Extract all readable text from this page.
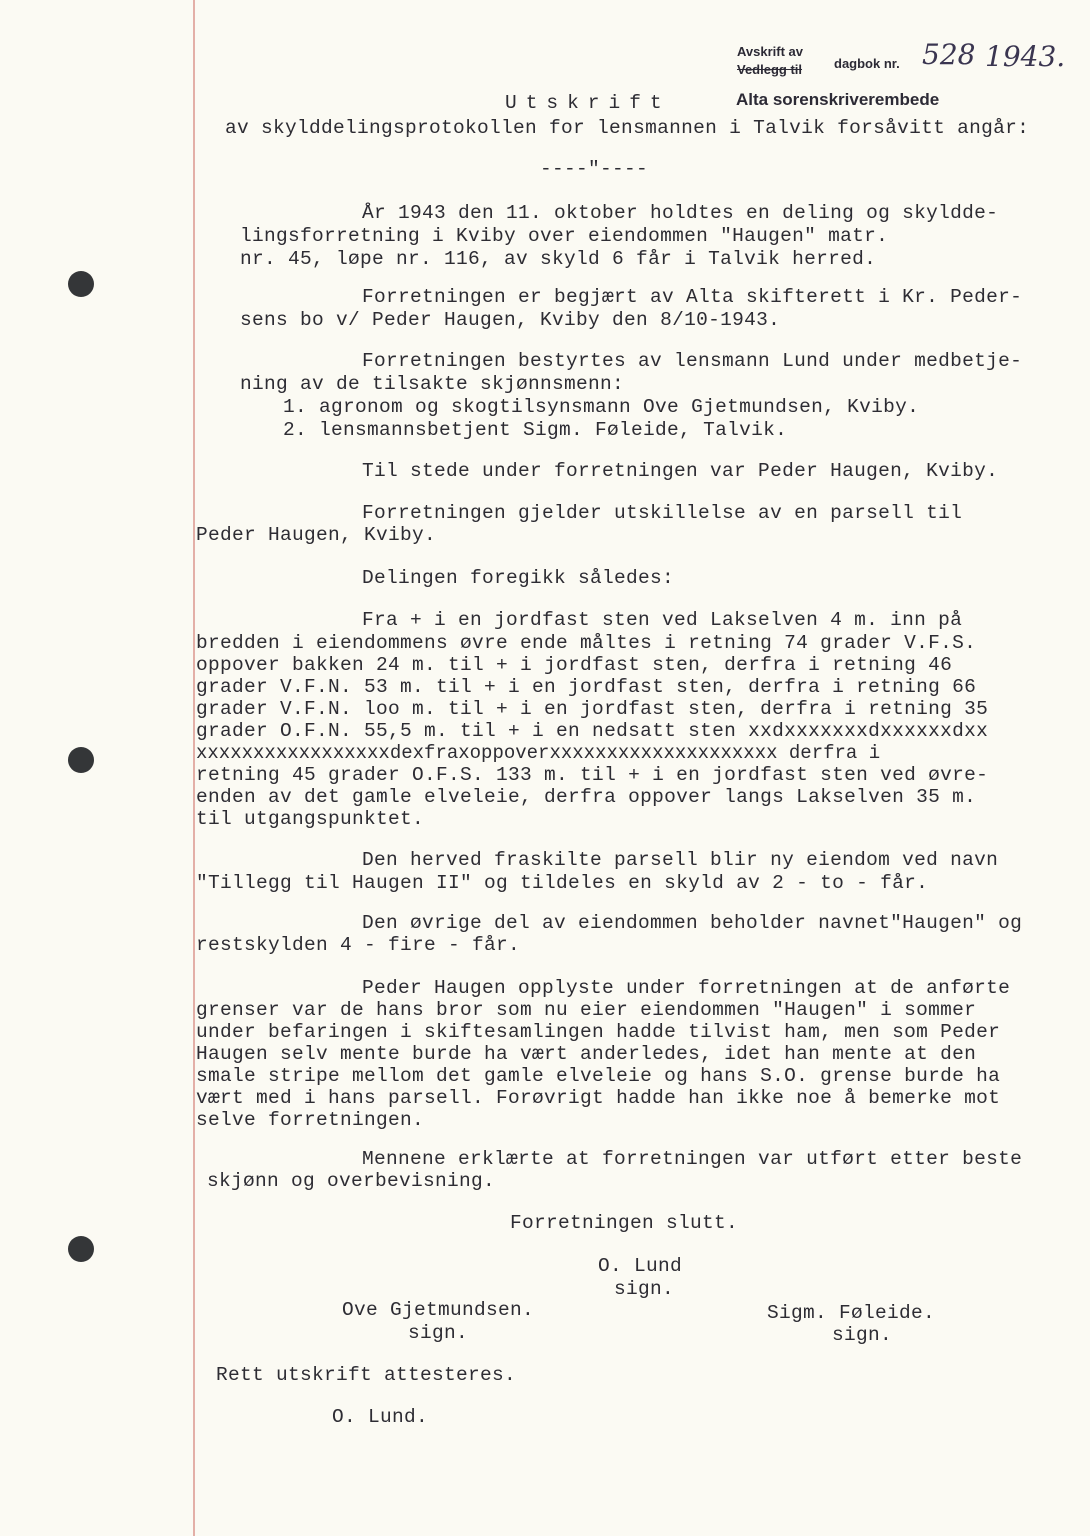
Avskrift av
dagbok nr. 528 1943.
Vedlegg til
Alta sorenskriverembede
Utskrift
av skylddelingsprotokollen for lensmannen i Talvik forsåvitt angår:
----"----
År 1943 den 11. oktober holdtes en deling og skyldde-
lingsforretning i Kviby over eiendommen "Haugen" matr.
nr. 45, løpe nr. 116, av skyld 6 får i Talvik herred.
Forretningen er begjært av Alta skifterett i Kr. Peder-
sens bo v/ Peder Haugen, Kviby den 8/10-1943.
Forretningen bestyrtes av lensmann Lund under medbetje-
ning av de tilsakte skjønnsmenn:
1. agronom og skogtilsynsmann Ove Gjetmundsen, Kviby.
2. lensmannsbetjent Sigm. Føleide, Talvik.
Til stede under forretningen var Peder Haugen, Kviby.
Forretningen gjelder utskillelse av en parsell til
Peder Haugen, Kviby.
Delingen foregikk således:
Fra + i en jordfast sten ved Lakselven 4 m. inn på
bredden i eiendommens øvre ende måltes i retning 74 grader V.F.S.
oppover bakken 24 m. til + i jordfast sten, derfra i retning 46
grader V.F.N. 53 m. til + i en jordfast sten, derfra i retning 66
grader V.F.N. loo m. til + i en jordfast sten, derfra i retning 35
grader O.F.N. 55,5 m. til + i en nedsatt sten xxdxxxxxxxdxxxxxxdxx
xxxxxxxxxxxxxxxxxdexfraxoppoverxxxxxxxxxxxxxxxxxxxx derfra i
retning 45 grader O.F.S. 133 m. til + i en jordfast sten ved øvre-
enden av det gamle elveleie, derfra oppover langs Lakselven 35 m.
til utgangspunktet.
Den herved fraskilte parsell blir ny eiendom ved navn
"Tillegg til Haugen II" og tildeles en skyld av 2 - to - får.
Den øvrige del av eiendommen beholder navnet"Haugen" og
restskylden 4 - fire - får.
Peder Haugen opplyste under forretningen at de anførte
grenser var de hans bror som nu eier eiendommen "Haugen" i sommer
under befaringen i skiftesamlingen hadde tilvist ham, men som Peder
Haugen selv mente burde ha vært anderledes, idet han mente at den
smale stripe mellom det gamle elveleie og hans S.O. grense burde ha
vært med i hans parsell. Forøvrigt hadde han ikke noe å bemerke mot
selve forretningen.
Mennene erklærte at forretningen var utført etter beste
skjønn og overbevisning.
Forretningen slutt.
O. Lund
sign.
Ove Gjetmundsen.
sign.
Sigm. Føleide.
sign.
Rett utskrift attesteres.
O. Lund.
